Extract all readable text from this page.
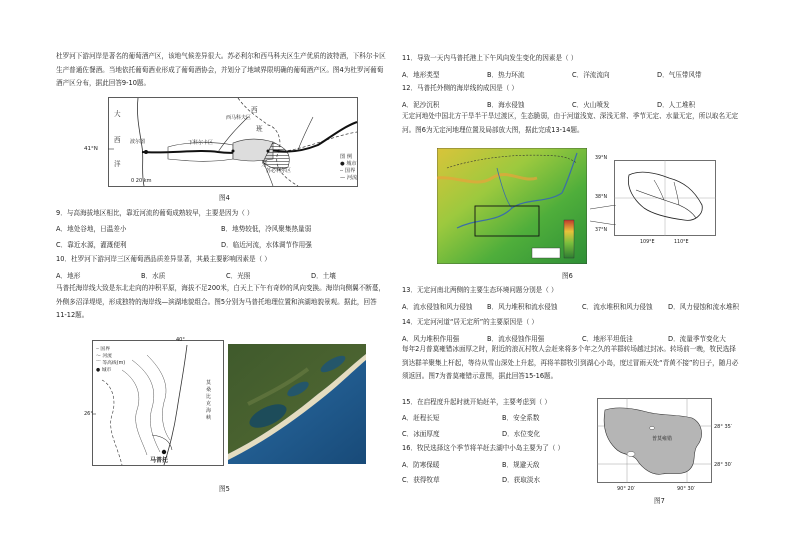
杜罗河下游河岸是著名的葡萄酒产区，该地气候差异很大。苏必利尔和西马科夫区生产优质的波特酒，下科尔卡区生产普通佐餐酒。当地依托葡萄酒业形成了葡萄酒协会，并划分了地域界限明确的葡萄酒产区。图4为杜罗河葡萄酒产区分布，据此回答9-10题。
大
西
洋
西
班
牙
41°N
波尔图	下科尔卡区
西马科夫区
苏必利尔区
0 20 km
图 例
● 城市
┄ 国界
— 河流
图4
9．与高海拔地区相比，靠近河流的葡萄成熟较早，主要是因为（ ）
A．地处谷地，日温差小	B．地势较低，冷风聚集热量弱
C．靠近水源，灌溉便利	D．临近河流，水体调节作用强
10．杜罗河下游河岸三区葡萄酒品质差异显著，其最主要影响因素是（ ）
A．地形	B．水质	C．光照	D．土壤
马普托海岸线大致是东北走向的冲积平原，海拔不足200米，白天上下午有奇妙的风向变换。海岸向侧翼不断蔓，外侧多沼泽堤堤，形成独特的海岸线—滨湖地貌组合。图5分别为马普托地理位置和滨湖地貌景观。据此，回答11-12题。
┄ 国界
～ 河流
⌒ 等高线(m)
● 城市
马普托
26°
40°
莫桑比克海峡
图5
11．导致一天内马普托港上下午风向发生变化的因素是（ ）
A．地形类型	B．热力环流	C．洋流流向	D．气压带风带
12．马普托外侧的海岸线的成因是（ ）
A．泥沙沉积	B．海水侵蚀	C．火山喷发	D．人工堆积
无定河地处中国北方干旱半干旱过渡区，生态脆弱，由于河道浅宽、深浅无常、季节无定、水量无定，所以取名无定河。图6为无定河地理位置及局部放大图，据此完成13-14题。
39°N
38°N
37°N
109°E	110°E
图6
13．无定河南北两侧的主要生态环境问题分别是（ ）
A．流水侵蚀和风力侵蚀 B．风力堆积和流水侵蚀	C．流水堆积和风力侵蚀 D．风力侵蚀和流水堆积
14．无定河河道“居无定所”的主要原因是（ ）
A．风力堆积作用强	B．流水侵蚀作用强	C．地形平坦低洼	D．流量季节变化大
每年2月普莫雍错冰面厚之时，附近的浪瓦村牧人会赶来将多个年之久的羊群转场越过封冰。转场前一晚，牧民选择到达群羊聚集上杆起，等待从雪山深处上升起，再将羊群牧引到湖心小岛，度过冒雨天处“青黄不接”的日子，随月必须返回。图7为普莫雍错示意图，据此回答15-16题。
15．在启程度升起时就开始赶羊，主要考虑到（ ）
A．赶程长短	B．安全系数
C．冰面厚度	D．水位变化
16．牧民选择这个季节将羊赶去湖中小岛主要为了（ ）
A．防寒保暖	B．规避天敌
C．获得牧草	D．获取淡水
普莫雍错
28° 35′
28° 30′
90° 20′	90° 30′
图7
